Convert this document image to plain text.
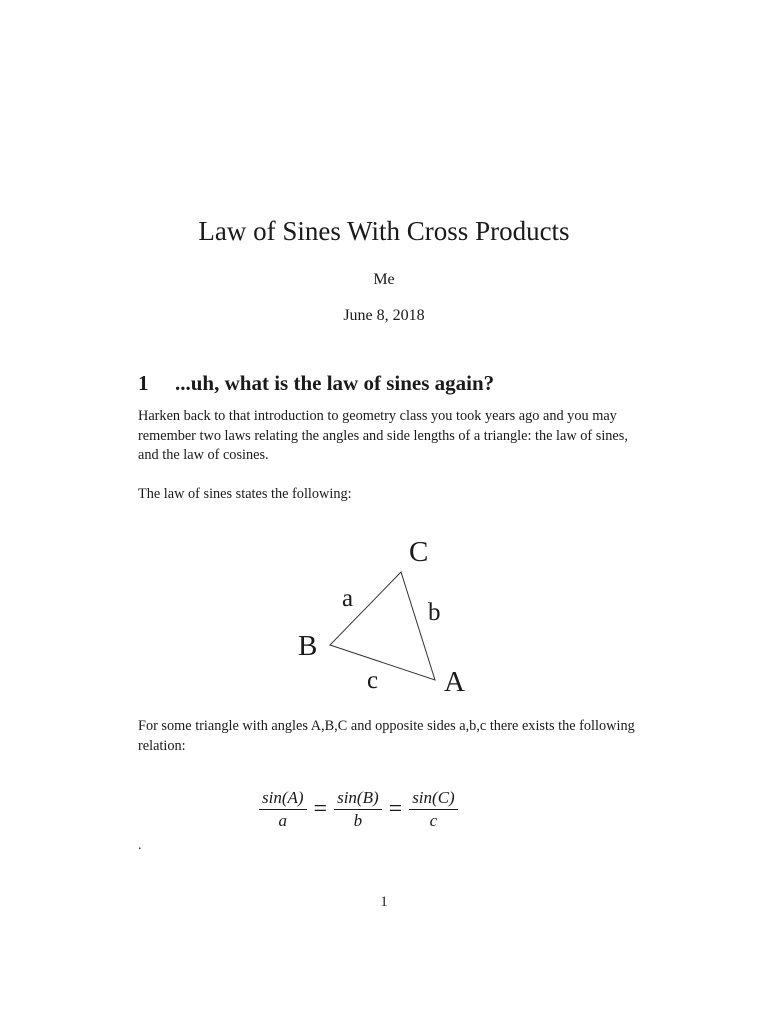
Law of Sines With Cross Products
Me
June 8, 2018
1 ...uh, what is the law of sines again?
Harken back to that introduction to geometry class you took years ago and you may remember two laws relating the angles and side lengths of a triangle: the law of sines, and the law of cosines.
The law of sines states the following:
C
B
A
a
b
c
For some triangle with angles A,B,C and opposite sides a,b,c there exists the following relation:
$\frac{\sin(A)}{a} = \frac{\sin(B)}{b} = \frac{\sin(C)}{c}$
.
1
